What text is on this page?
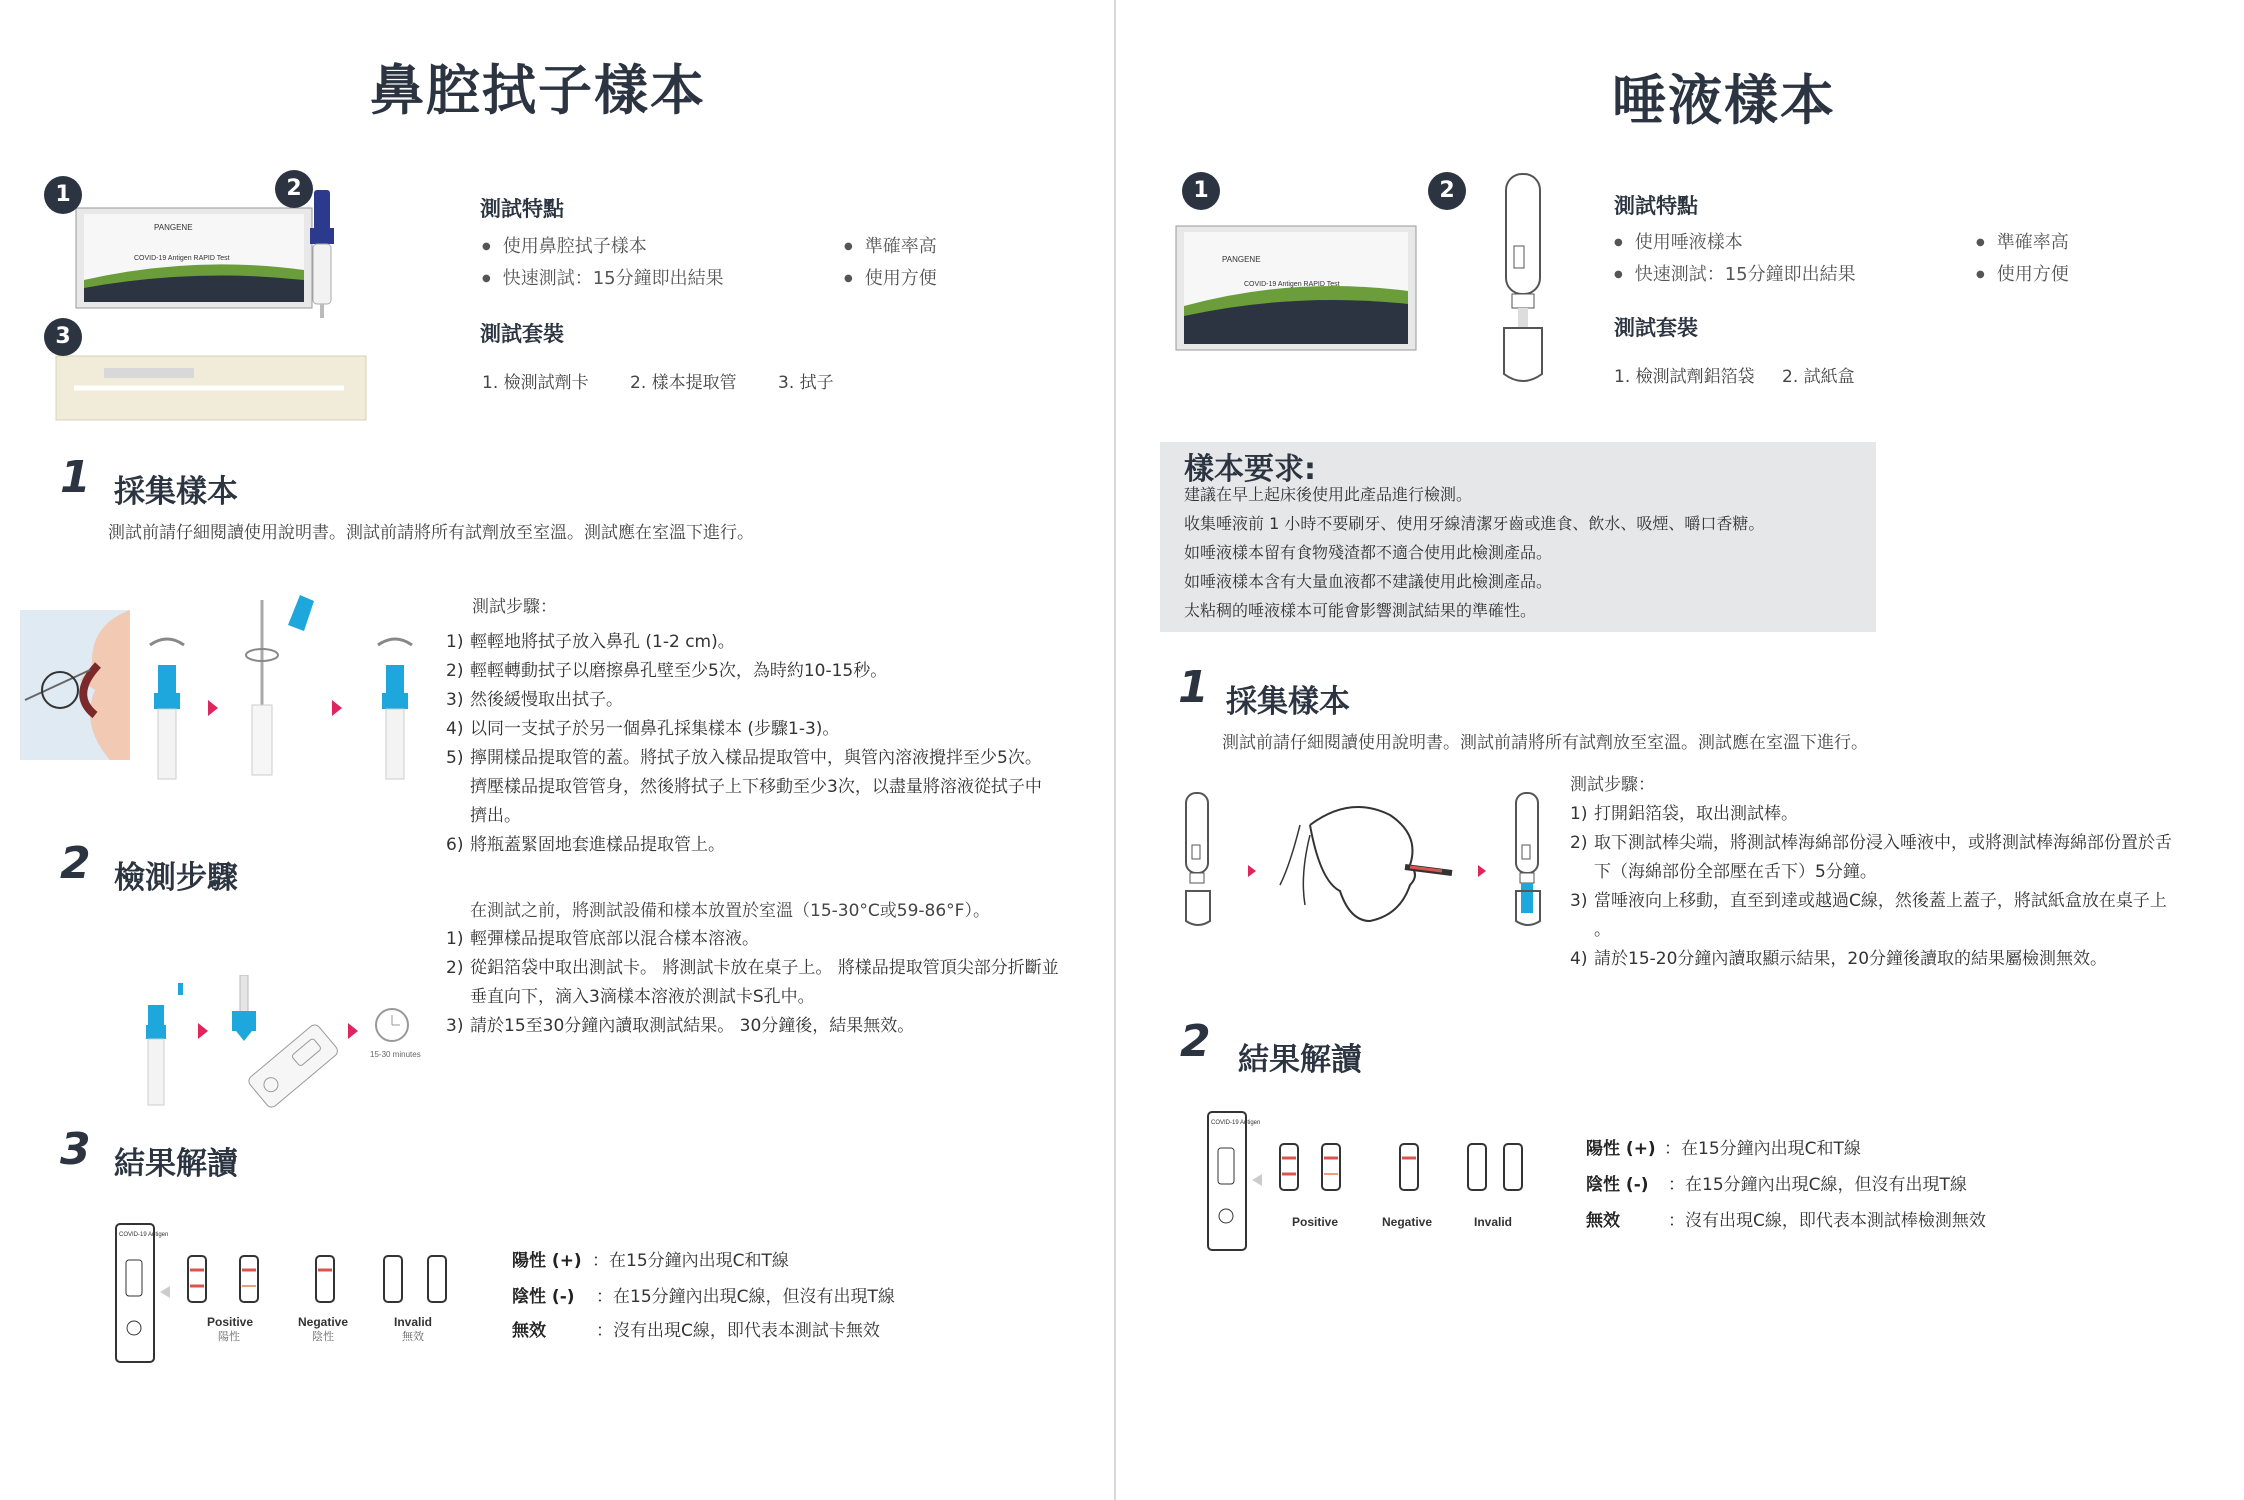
鼻腔拭子樣本
PANGENE
COVID-19 Antigen RAPID Test
1	2
3
測試特點
● 使用鼻腔拭子樣本
● 快速測試：15分鐘即出結果
● 準確率高
● 使用方便
測試套裝
1. 檢測試劑卡 2. 樣本提取管 3. 拭子
1 採集樣本
測試前請仔細閱讀使用說明書。測試前請將所有試劑放至室溫。測試應在室溫下進行。
測試步驟：
1) 輕輕地將拭子放入鼻孔 (1-2 cm)。
2) 輕輕轉動拭子以磨擦鼻孔壁至少5次，為時約10-15秒。
3) 然後緩慢取出拭子。
4) 以同一支拭子於另一個鼻孔採集樣本 (步驟1-3)。
5) 擰開樣品提取管的蓋。將拭子放入樣品提取管中，與管內溶液攪拌至少5次。
擠壓樣品提取管管身，然後將拭子上下移動至少3次，以盡量將溶液從拭子中
擠出。
6) 將瓶蓋緊固地套進樣品提取管上。
2 檢測步驟
在測試之前，將測試設備和樣本放置於室溫（15-30°C或59-86°F）。
1) 輕彈樣品提取管底部以混合樣本溶液。
2) 從鋁箔袋中取出測試卡。 將測試卡放在桌子上。 將樣品提取管頂尖部分折斷並
垂直向下，滴入3滴樣本溶液於測試卡S孔中。
3) 請於15至30分鐘內讀取測試結果。 30分鐘後，結果無效。
15-30 minutes
3 結果解讀
COVID-19 Antigen
Positive
陽性
Negative
陰性
Invalid
無效
陽性 (+) ：在15分鐘內出現C和T線
陰性 (-) ：在15分鐘內出現C線，但沒有出現T線
無效	：沒有出現C線，即代表本測試卡無效
唾液樣本
PANGENE
COVID-19 Antigen RAPID Test
1	2
測試特點
● 使用唾液樣本
● 快速測試：15分鐘即出結果
● 準確率高
● 使用方便
測試套裝
1. 檢測試劑鋁箔袋 2. 試紙盒
樣本要求:
建議在早上起床後使用此產品進行檢測。
收集唾液前 1 小時不要刷牙、使用牙線清潔牙齒或進食、飲水、吸煙、嚼口香糖。
如唾液樣本留有食物殘渣都不適合使用此檢測產品。
如唾液樣本含有大量血液都不建議使用此檢測產品。
太粘稠的唾液樣本可能會影響測試結果的準確性。
1 採集樣本
測試前請仔細閱讀使用說明書。測試前請將所有試劑放至室溫。測試應在室溫下進行。
測試步驟：
1) 打開鋁箔袋，取出測試棒。
2) 取下測試棒尖端，將測試棒海綿部份浸入唾液中，或將測試棒海綿部份置於舌
下（海綿部份全部壓在舌下）5分鐘。
3) 當唾液向上移動，直至到達或越過C線，然後蓋上蓋子，將試紙盒放在桌子上
。
4) 請於15-20分鐘內讀取顯示結果，20分鐘後讀取的結果屬檢測無效。
2 結果解讀
COVID-19 Antigen
Positive	Negative	Invalid
陽性 (+) ：在15分鐘內出現C和T線
陰性 (-) ：在15分鐘內出現C線，但沒有出現T線
無效	：沒有出現C線，即代表本測試棒檢測無效
